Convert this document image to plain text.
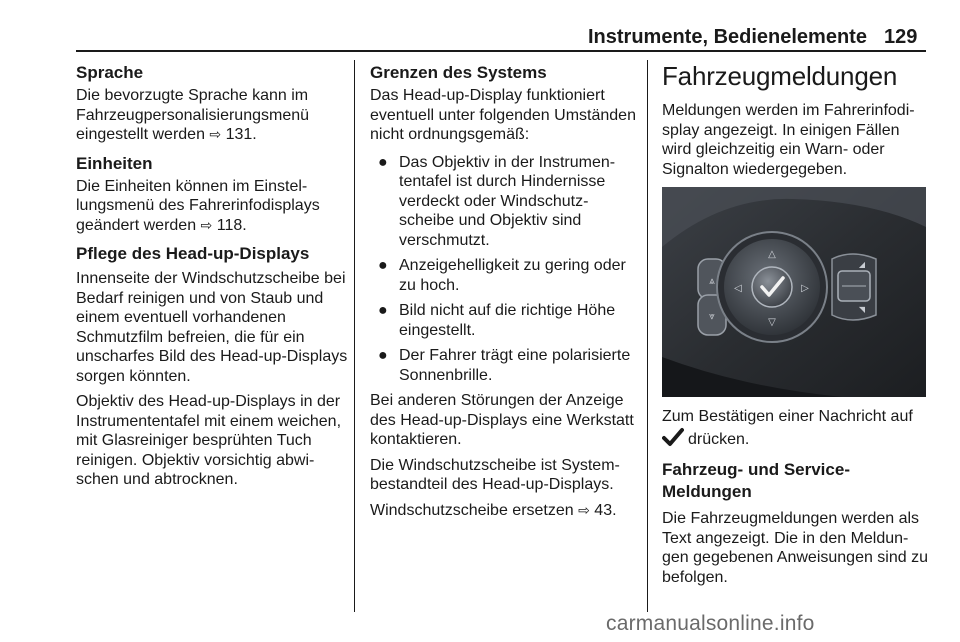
Instrumente, Bedienelemente 129
Sprache

Die bevorzugte Sprache kann im Fahrzeugpersonalisierungsmenü eingestellt werden ⇨ 131.

Einheiten

Die Einheiten können im Einstellungsmenü des Fahrerinfodisplays geändert werden ⇨ 118.

Pflege des Head-up-Displays

Innenseite der Windschutzscheibe bei Bedarf reinigen und von Staub und einem eventuell vorhandenen Schmutzfilm befreien, die für ein unscharfes Bild des Head-up-Displays sorgen könnten.

Objektiv des Head-up-Displays in der Instrumententafel mit einem weichen, mit Glasreiniger besprühten Tuch reinigen. Objektiv vorsichtig abwischen und abtrocknen.

Grenzen des Systems

Das Head-up-Display funktioniert eventuell unter folgenden Umständen nicht ordnungsgemäß:

● Das Objektiv in der Instrumententafel ist durch Hindernisse verdeckt oder Windschutzscheibe und Objektiv sind verschmutzt.
● Anzeigehelligkeit zu gering oder zu hoch.
● Bild nicht auf die richtige Höhe eingestellt.
● Der Fahrer trägt eine polarisierte Sonnenbrille.

Bei anderen Störungen der Anzeige des Head-up-Displays eine Werkstatt kontaktieren.

Die Windschutzscheibe ist Systembestandteil des Head-up-Displays.

Windschutzscheibe ersetzen ⇨ 43.

Fahrzeugmeldungen

Meldungen werden im Fahrerinfodisplay angezeigt. In einigen Fällen wird gleichzeitig ein Warn- oder Signalton wiedergegeben.

⩓
⩔
△
▽
◁	▷
◢
◥

Zum Bestätigen einer Nachricht auf
drücken.

Fahrzeug- und Service-Meldungen

Die Fahrzeugmeldungen werden als Text angezeigt. Die in den Meldungen gegebenen Anweisungen sind zu befolgen.

carmanualsonline.info
